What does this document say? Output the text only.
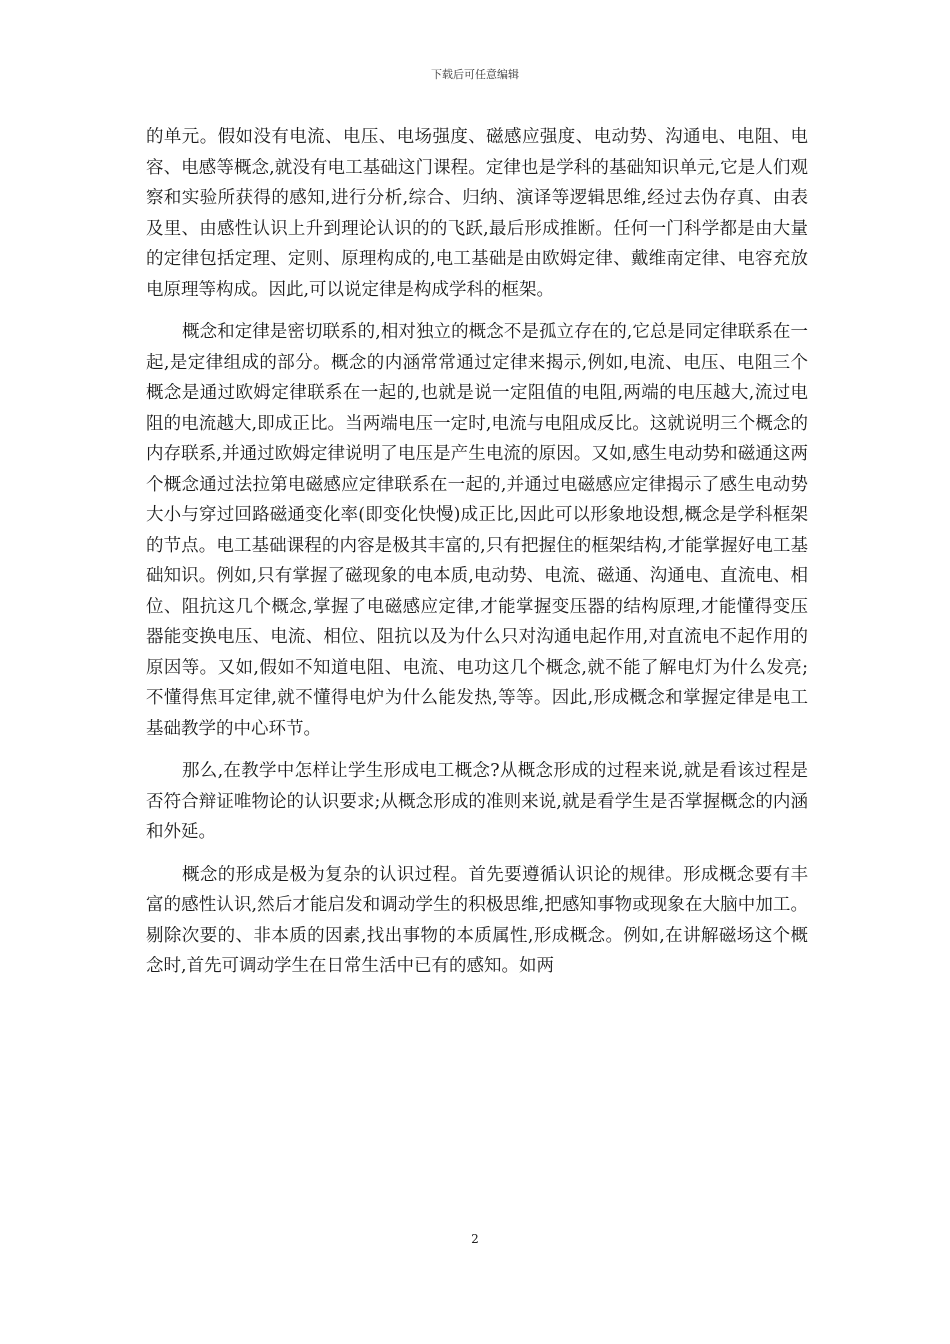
下载后可任意编辑

的单元。假如没有电流、电压、电场强度、磁感应强度、电动势、沟通电、电阻、电容、电感等概念,就没有电工基础这门课程。定律也是学科的基础知识单元,它是人们观察和实验所获得的感知,进行分析,综合、归纳、演译等逻辑思维,经过去伪存真、由表及里、由感性认识上升到理论认识的的飞跃,最后形成推断。任何一门科学都是由大量的定律包括定理、定则、原理构成的,电工基础是由欧姆定律、戴维南定律、电容充放电原理等构成。因此,可以说定律是构成学科的框架。

概念和定律是密切联系的,相对独立的概念不是孤立存在的,它总是同定律联系在一起,是定律组成的部分。概念的内涵常常通过定律来揭示,例如,电流、电压、电阻三个概念是通过欧姆定律联系在一起的,也就是说一定阻值的电阻,两端的电压越大,流过电阻的电流越大,即成正比。当两端电压一定时,电流与电阻成反比。这就说明三个概念的内存联系,并通过欧姆定律说明了电压是产生电流的原因。又如,感生电动势和磁通这两个概念通过法拉第电磁感应定律联系在一起的,并通过电磁感应定律揭示了感生电动势大小与穿过回路磁通变化率(即变化快慢)成正比,因此可以形象地设想,概念是学科框架的节点。电工基础课程的内容是极其丰富的,只有把握住的框架结构,才能掌握好电工基础知识。例如,只有掌握了磁现象的电本质,电动势、电流、磁通、沟通电、直流电、相位、阻抗这几个概念,掌握了电磁感应定律,才能掌握变压器的结构原理,才能懂得变压器能变换电压、电流、相位、阻抗以及为什么只对沟通电起作用,对直流电不起作用的原因等。又如,假如不知道电阻、电流、电功这几个概念,就不能了解电灯为什么发亮;不懂得焦耳定律,就不懂得电炉为什么能发热,等等。因此,形成概念和掌握定律是电工基础教学的中心环节。

那么,在教学中怎样让学生形成电工概念?从概念形成的过程来说,就是看该过程是否符合辩证唯物论的认识要求;从概念形成的准则来说,就是看学生是否掌握概念的内涵和外延。

概念的形成是极为复杂的认识过程。首先要遵循认识论的规律。形成概念要有丰富的感性认识,然后才能启发和调动学生的积极思维,把感知事物或现象在大脑中加工。剔除次要的、非本质的因素,找出事物的本质属性,形成概念。例如,在讲解磁场这个概念时,首先可调动学生在日常生活中已有的感知。如两

2
